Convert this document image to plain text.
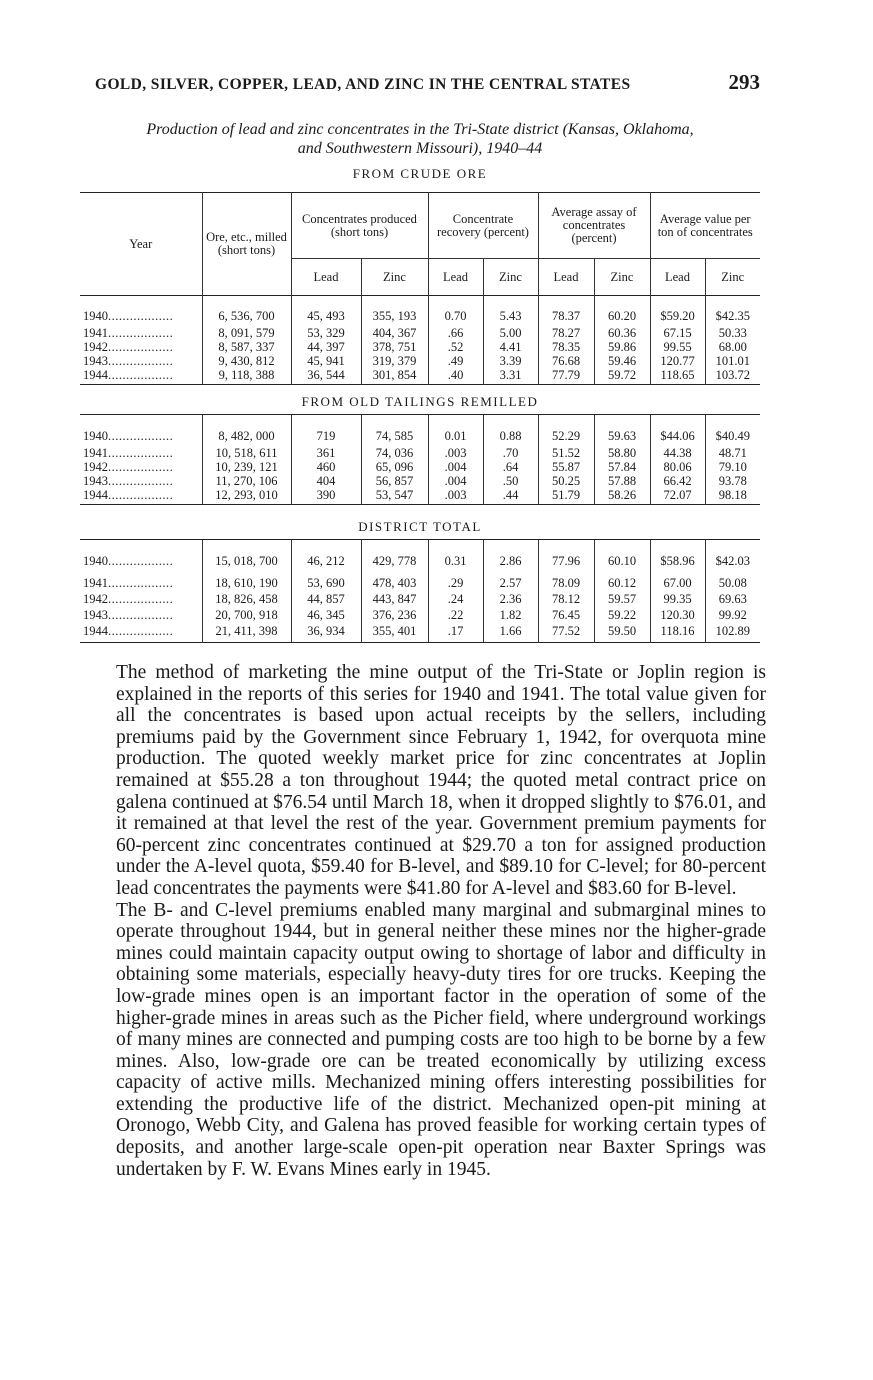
GOLD, SILVER, COPPER, LEAD, AND ZINC IN THE CENTRAL STATES	293
Production of lead and zinc concentrates in the Tri-State district (Kansas, Oklahoma,
and Southwestern Missouri), 1940–44
FROM CRUDE ORE
Year	Ore, etc., milled (short tons)	Concentrates produced (short tons)		Concentrate recovery (percent)		Average assay of concentrates (percent)		Average value per ton of concentrates	
		Lead	Zinc	Lead	Zinc	Lead	Zinc	Lead	Zinc
1940..................	6, 536, 700	45, 493	355, 193	0.70	5.43	78.37	60.20	$59.20	$42.35
1941..................	8, 091, 579	53, 329	404, 367	.66	5.00	78.27	60.36	67.15	50.33
1942..................	8, 587, 337	44, 397	378, 751	.52	4.41	78.35	59.86	99.55	68.00
1943..................	9, 430, 812	45, 941	319, 379	.49	3.39	76.68	59.46	120.77	101.01
1944..................	9, 118, 388	36, 544	301, 854	.40	3.31	77.79	59.72	118.65	103.72

FROM OLD TAILINGS REMILLED
1940..................	8, 482, 000	719	74, 585	0.01	0.88	52.29	59.63	$44.06	$40.49
1941..................	10, 518, 611	361	74, 036	.003	.70	51.52	58.80	44.38	48.71
1942..................	10, 239, 121	460	65, 096	.004	.64	55.87	57.84	80.06	79.10
1943..................	11, 270, 106	404	56, 857	.004	.50	50.25	57.88	66.42	93.78
1944..................	12, 293, 010	390	53, 547	.003	.44	51.79	58.26	72.07	98.18

DISTRICT TOTAL
1940..................	15, 018, 700	46, 212	429, 778	0.31	2.86	77.96	60.10	$58.96	$42.03
1941..................	18, 610, 190	53, 690	478, 403	.29	2.57	78.09	60.12	67.00	50.08
1942..................	18, 826, 458	44, 857	443, 847	.24	2.36	78.12	59.57	99.35	69.63
1943..................	20, 700, 918	46, 345	376, 236	.22	1.82	76.45	59.22	120.30	99.92
1944..................	21, 411, 398	36, 934	355, 401	.17	1.66	77.52	59.50	118.16	102.89

The method of marketing the mine output of the Tri-State or Joplin region is explained in the reports of this series for 1940 and 1941. The total value given for all the concentrates is based upon actual receipts by the sellers, including premiums paid by the Government since February 1, 1942, for overquota mine production. The quoted weekly market price for zinc concentrates at Joplin remained at $55.28 a ton throughout 1944; the quoted metal contract price on galena continued at $76.54 until March 18, when it dropped slightly to $76.01, and it remained at that level the rest of the year. Government premium payments for 60-percent zinc concentrates continued at $29.70 a ton for assigned production under the A-level quota, $59.40 for B-level, and $89.10 for C-level; for 80-percent lead concentrates the payments were $41.80 for A-level and $83.60 for B-level.

The B- and C-level premiums enabled many marginal and submarginal mines to operate throughout 1944, but in general neither these mines nor the higher-grade mines could maintain capacity output owing to shortage of labor and difficulty in obtaining some materials, especially heavy-duty tires for ore trucks. Keeping the low-grade mines open is an important factor in the operation of some of the higher-grade mines in areas such as the Picher field, where underground workings of many mines are connected and pumping costs are too high to be borne by a few mines. Also, low-grade ore can be treated economically by utilizing excess capacity of active mills. Mechanized mining offers interesting possibilities for extending the productive life of the district. Mechanized open-pit mining at Oronogo, Webb City, and Galena has proved feasible for working certain types of deposits, and another large-scale open-pit operation near Baxter Springs was undertaken by F. W. Evans Mines early in 1945.
